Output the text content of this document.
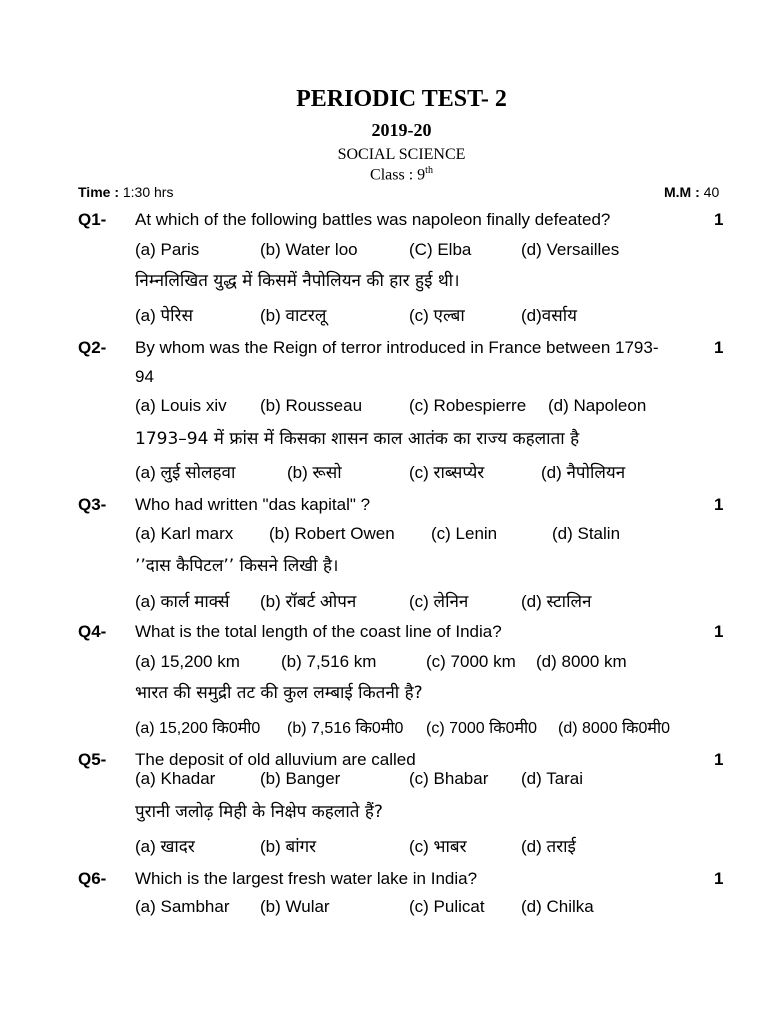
PERIODIC TEST- 2
2019-20
SOCIAL SCIENCE
Class : 9th
Time : 1:30 hrs	M.M : 40
Q1- At which of the following battles was napoleon finally defeated?	1
(a) Paris	(b) Water loo	(C) Elba	(d) Versailles
निम्नलिखित युद्ध में किसमें नैपोलियन की हार हुई थी।
(a) पेरिस	(b) वाटरलू	(c) एल्बा	(d)वर्साय
Q2- By whom was the Reign of terror introduced in France between 1793-	1
94
(a) Louis xiv (b) Rousseau	(c) Robespierre (d) Napoleon
1793–94 में फ्रांस में किसका शासन काल आतंक का राज्य कहलाता है
(a) लुई सोलहवा	(b) रूसो	(c) राब्सप्येर	(d) नैपोलियन
Q3- Who had written "das kapital" ?	1
(a) Karl marx (b) Robert Owen (c) Lenin	(d) Stalin
’’दास कैपिटल’’ किसने लिखी है।
(a) कार्ल मार्क्स (b) रॉबर्ट ओपन	(c) लेनिन	(d) स्टालिन
Q4- What is the total length of the coast line of India?	1
(a) 15,200 km (b) 7,516 km	(c) 7000 km (d) 8000 km
भारत की समुद्री तट की कुल लम्बाई कितनी है?
(a) 15,200 कि0मी0 (b) 7,516 कि0मी0 (c) 7000 कि0मी0 (d) 8000 कि0मी0
Q5- The deposit of old alluvium are called	1
(a) Khadar	(b) Banger	(c) Bhabar (d) Tarai
पुरानी जलोढ़ मिही के निक्षेप कहलाते हैं?
(a) खादर	(b) बांगर	(c) भाबर	(d) तराई
Q6- Which is the largest fresh water lake in India?	1
(a) Sambhar (b) Wular	(c) Pulicat (d) Chilka
